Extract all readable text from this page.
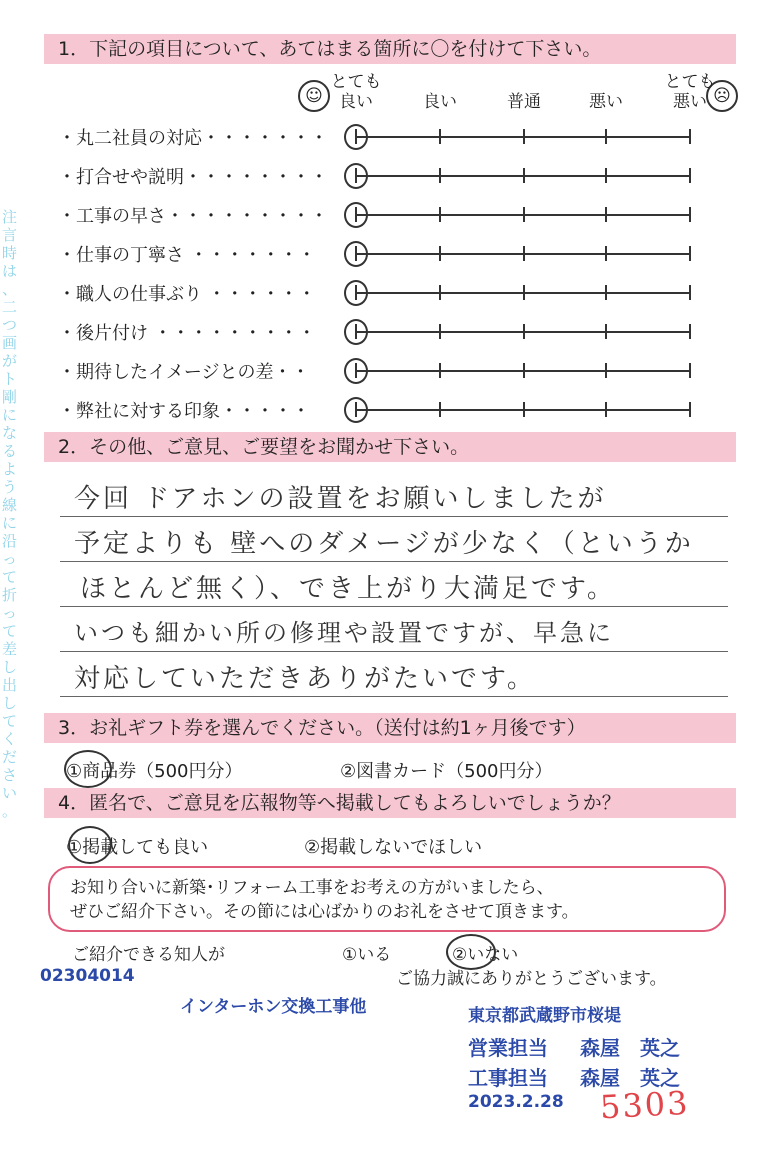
注 言 時 は 、 二 つ 画 が ト 剛 に な る よ う 線 に 沿 っ て 折 っ て 差 し 出 し て く だ さ い 。
1．下記の項目について、あてはまる箇所に〇を付けて下さい。
☺	☹
とても
良い	良い	普通	悪い
とても
悪い
・丸二社員の対応・・・・・・・
・打合せや説明・・・・・・・・
・工事の早さ・・・・・・・・・
・仕事の丁寧さ ・・・・・・・
・職人の仕事ぶり ・・・・・・
・後片付け ・・・・・・・・・
・期待したイメージとの差・・
・弊社に対する印象・・・・・
2．その他、ご意見、ご要望をお聞かせ下さい。
今回 ドアホンの設置をお願いしましたが
予定よりも 壁へのダメージが少なく（というか
ほとんど無く）、でき上がり大満足です。
いつも細かい所の修理や設置ですが、早急に
対応していただきありがたいです。
3．お礼ギフト券を選んでください。（送付は約1ヶ月後です）
①商品券（500円分）	②図書カード（500円分）
4．匿名で、ご意見を広報物等へ掲載してもよろしいでしょうか？
①掲載しても良い	②掲載しないでほしい
お知り合いに新築･リフォーム工事をお考えの方がいましたら、
ぜひご紹介下さい。その節には心ばかりのお礼をさせて頂きます。
ご紹介できる知人が	①いる	②いない
ご協力誠にありがとうございます。
02304014
インターホン交換工事他	東京都武蔵野市桜堤
営業担当 森屋　英之
工事担当 森屋　英之
2023.2.28 5303
